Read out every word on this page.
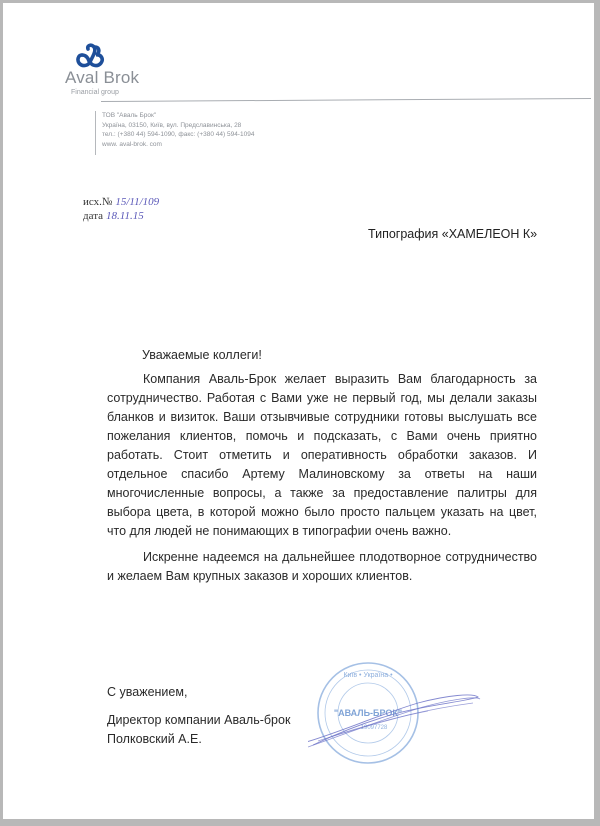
Aval Brok
Financial group
ТОВ "Аваль Брок"
Україна, 03150, Київ, вул. Предславинська, 28
тел.: (+380 44) 594-1090, факс: (+380 44) 594-1094
www. aval-brok. com
исх.№ 15/11/109
дата 18.11.15
Типография «ХАМЕЛЕОН К»
Уважаемые коллеги!

Компания Аваль-Брок желает выразить Вам благодарность за сотрудничество. Работая с Вами уже не первый год, мы делали заказы бланков и визиток. Ваши отзывчивые сотрудники готовы выслушать все пожелания клиентов, помочь и подсказать, с Вами очень приятно работать. Стоит отметить и оперативность обработки заказов. И отдельное спасибо Артему Малиновскому за ответы на наши многочисленные вопросы, а также за предоставление палитры для выбора цвета, в которой можно было просто пальцем указать на цвет, что для людей не понимающих в типографии очень важно.

Искренне надеемся на дальнейшее плодотворное сотрудничество и желаем Вам крупных заказов и хороших клиентов.

С уважением,
Директор компании Аваль-брок
Полковский А.Е.
Київ • Україна •
"АВАЛЬ-БРОК"
19097728
